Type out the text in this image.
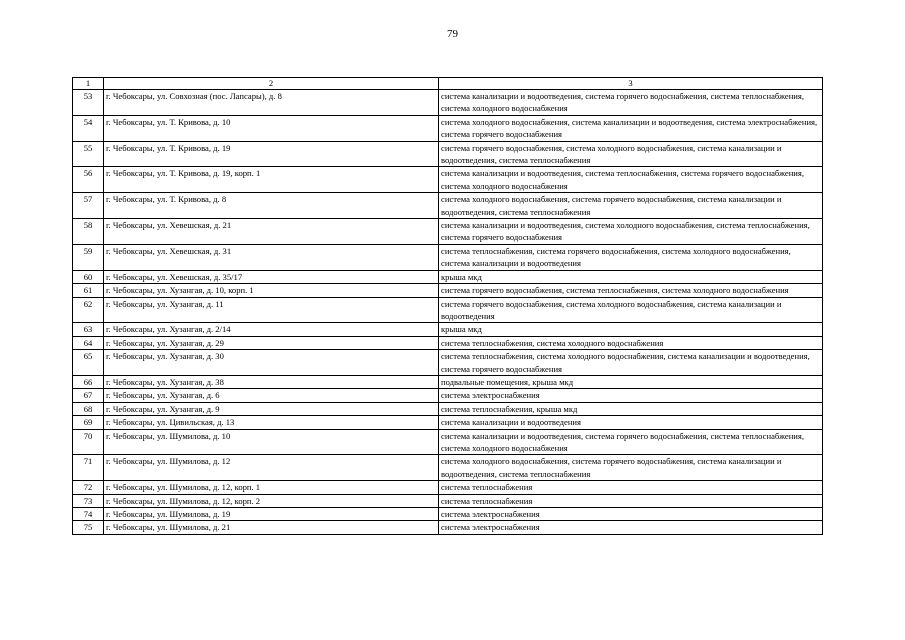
79
1	2	3
53	г. Чебоксары, ул. Совхозная (пос. Лапсары), д. 8	система канализации и водоотведения, система горячего водоснабжения, система теплоснабжения, система холодного водоснабжения
54	г. Чебоксары, ул. Т. Кривова, д. 10	система холодного водоснабжения, система канализации и водоотведения, система электроснабжения, система горячего водоснабжения
55	г. Чебоксары, ул. Т. Кривова, д. 19	система горячего водоснабжения, система холодного водоснабжения, система канализации и водоотведения, система теплоснабжения
56	г. Чебоксары, ул. Т. Кривова, д. 19, корп. 1	система канализации и водоотведения, система теплоснабжения, система горячего водоснабжения, система холодного водоснабжения
57	г. Чебоксары, ул. Т. Кривова, д. 8	система холодного водоснабжения, система горячего водоснабжения, система канализации и водоотведения, система теплоснабжения
58	г. Чебоксары, ул. Хевешская, д. 21	система канализации и водоотведения, система холодного водоснабжения, система теплоснабжения, система горячего водоснабжения
59	г. Чебоксары, ул. Хевешская, д. 31	система теплоснабжения, система горячего водоснабжения, система холодного водоснабжения, система канализации и водоотведения
60	г. Чебоксары, ул. Хевешская, д. 35/17	крыша мкд
61	г. Чебоксары, ул. Хузангая, д. 10, корп. 1	система горячего водоснабжения, система теплоснабжения, система холодного водоснабжения
62	г. Чебоксары, ул. Хузангая, д. 11	система горячего водоснабжения, система холодного водоснабжения, система канализации и водоотведения
63	г. Чебоксары, ул. Хузангая, д. 2/14	крыша мкд
64	г. Чебоксары, ул. Хузангая, д. 29	система теплоснабжения, система холодного водоснабжения
65	г. Чебоксары, ул. Хузангая, д. 30	система теплоснабжения, система холодного водоснабжения, система канализации и водоотведения, система горячего водоснабжения
66	г. Чебоксары, ул. Хузангая, д. 38	подвальные помещения, крыша мкд
67	г. Чебоксары, ул. Хузангая, д. 6	система электроснабжения
68	г. Чебоксары, ул. Хузангая, д. 9	система теплоснабжения, крыша мкд
69	г. Чебоксары, ул. Цивильская, д. 13	система канализации и водоотведения
70	г. Чебоксары, ул. Шумилова, д. 10	система канализации и водоотведения, система горячего водоснабжения, система теплоснабжения, система холодного водоснабжения
71	г. Чебоксары, ул. Шумилова, д. 12	система холодного водоснабжения, система горячего водоснабжения, система канализации и водоотведения, система теплоснабжения
72	г. Чебоксары, ул. Шумилова, д. 12, корп. 1	система теплоснабжения
73	г. Чебоксары, ул. Шумилова, д. 12, корп. 2	система теплоснабжения
74	г. Чебоксары, ул. Шумилова, д. 19	система электроснабжения
75	г. Чебоксары, ул. Шумилова, д. 21	система электроснабжения
